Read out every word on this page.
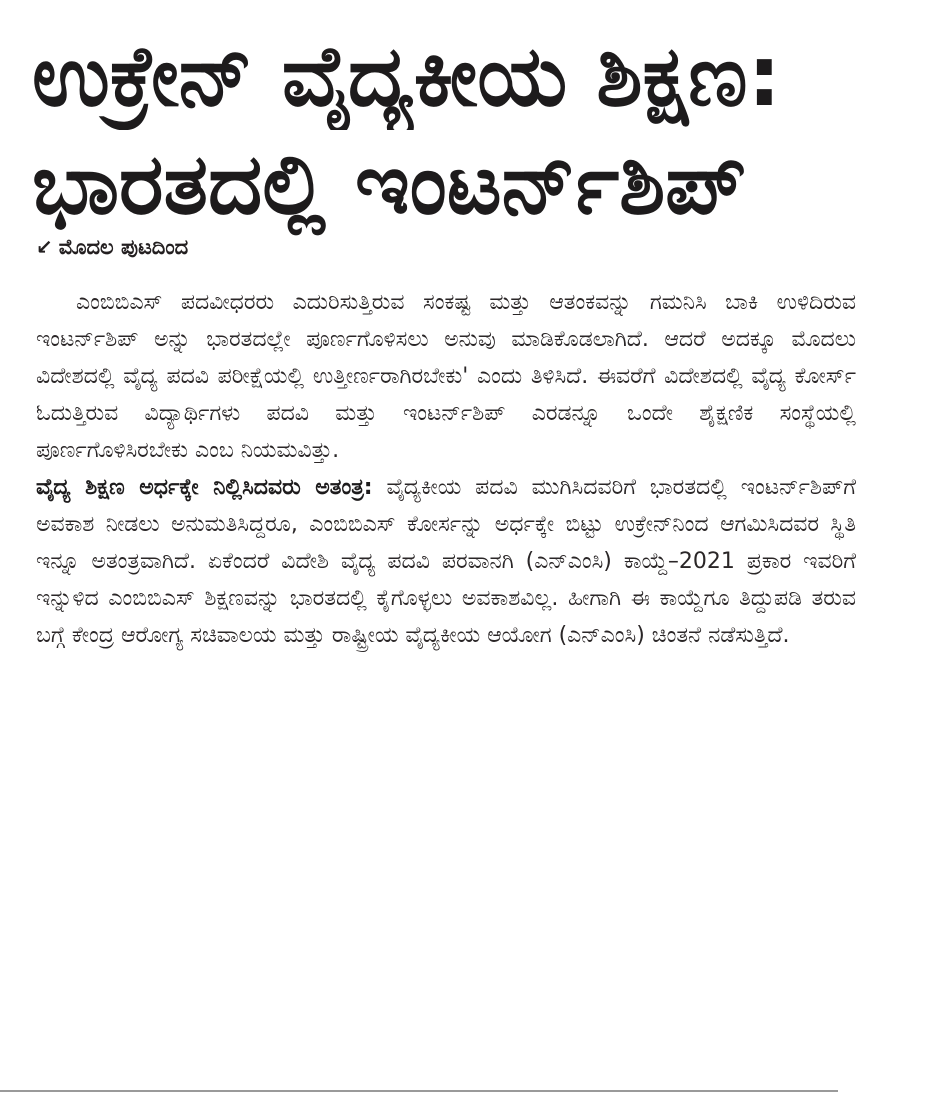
ಉಕ್ರೇನ್ ವೈದ್ಯಕೀಯ ಶಿಕ್ಷಣ:
ಭಾರತದಲ್ಲಿ ಇಂಟರ್ನ್‌ಶಿಪ್
↙ ಮೊದಲ ಪುಟದಿಂದ

ಎಂಬಿಬಿಎಸ್ ಪದವೀಧರರು ಎದುರಿಸುತ್ತಿರುವ ಸಂಕಷ್ಟ ಮತ್ತು ಆತಂಕವನ್ನು ಗಮನಿಸಿ ಬಾಕಿ ಉಳಿದಿರುವ ಇಂಟರ್ನ್‌ಶಿಪ್ ಅನ್ನು ಭಾರತದಲ್ಲೇ ಪೂರ್ಣಗೊಳಿಸಲು ಅನುವು ಮಾಡಿಕೊಡಲಾಗಿದೆ. ಆದರೆ ಅದಕ್ಕೂ ಮೊದಲು ವಿದೇಶದಲ್ಲಿ ವೈದ್ಯ ಪದವಿ ಪರೀಕ್ಷೆಯಲ್ಲಿ ಉತ್ತೀರ್ಣರಾಗಿರಬೇಕು' ಎಂದು ತಿಳಿಸಿದೆ. ಈವರೆಗೆ ವಿದೇಶದಲ್ಲಿ ವೈದ್ಯ ಕೋರ್ಸ್ ಓದುತ್ತಿರುವ ವಿದ್ಯಾರ್ಥಿಗಳು ಪದವಿ ಮತ್ತು ಇಂಟರ್ನ್‌ಶಿಪ್ ಎರಡನ್ನೂ ಒಂದೇ ಶೈಕ್ಷಣಿಕ ಸಂಸ್ಥೆಯಲ್ಲಿ ಪೂರ್ಣಗೊಳಿಸಿರಬೇಕು ಎಂಬ ನಿಯಮವಿತ್ತು.

ವೈದ್ಯ ಶಿಕ್ಷಣ ಅರ್ಧಕ್ಕೇ ನಿಲ್ಲಿಸಿದವರು ಅತಂತ್ರ: ವೈದ್ಯಕೀಯ ಪದವಿ ಮುಗಿಸಿದವರಿಗೆ ಭಾರತದಲ್ಲಿ ಇಂಟರ್ನ್‌ಶಿಪ್‌ಗೆ ಅವಕಾಶ ನೀಡಲು ಅನುಮತಿಸಿದ್ದರೂ, ಎಂಬಿಬಿಎಸ್ ಕೋರ್ಸನ್ನು ಅರ್ಧಕ್ಕೇ ಬಿಟ್ಟು ಉಕ್ರೇನ್‌ನಿಂದ ಆಗಮಿಸಿದವರ ಸ್ಥಿತಿ ಇನ್ನೂ ಅತಂತ್ರವಾಗಿದೆ. ಏಕೆಂದರೆ ವಿದೇಶಿ ವೈದ್ಯ ಪದವಿ ಪರವಾನಗಿ (ಎನ್‌ಎಂಸಿ) ಕಾಯ್ದೆ–2021 ಪ್ರಕಾರ ಇವರಿಗೆ ಇನ್ನುಳಿದ ಎಂಬಿಬಿಎಸ್ ಶಿಕ್ಷಣವನ್ನು ಭಾರತದಲ್ಲಿ ಕೈಗೊಳ್ಳಲು ಅವಕಾಶವಿಲ್ಲ. ಹೀಗಾಗಿ ಈ ಕಾಯ್ದೆಗೂ ತಿದ್ದುಪಡಿ ತರುವ ಬಗ್ಗೆ ಕೇಂದ್ರ ಆರೋಗ್ಯ ಸಚಿವಾಲಯ ಮತ್ತು ರಾಷ್ಟ್ರೀಯ ವೈದ್ಯಕೀಯ ಆಯೋಗ (ಎನ್‌ಎಂಸಿ) ಚಿಂತನೆ ನಡೆಸುತ್ತಿದೆ.
